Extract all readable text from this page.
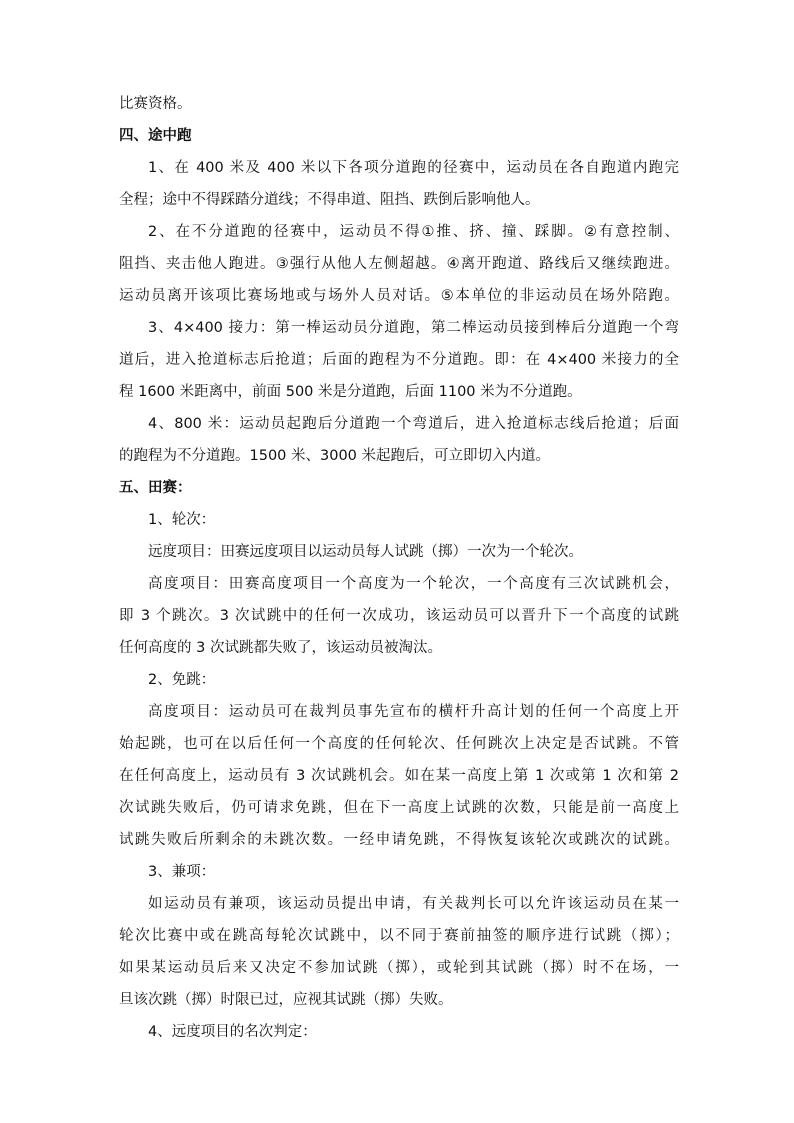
比赛资格。
四、途中跑
1、在 400 米及 400 米以下各项分道跑的径赛中，运动员在各自跑道内跑完
全程；途中不得踩踏分道线；不得串道、阻挡、跌倒后影响他人。
2、在不分道跑的径赛中，运动员不得①推、挤、撞、踩脚。②有意控制、
阻挡、夹击他人跑进。③强行从他人左侧超越。④离开跑道、路线后又继续跑进。
运动员离开该项比赛场地或与场外人员对话。⑤本单位的非运动员在场外陪跑。
3、4×400 接力：第一棒运动员分道跑，第二棒运动员接到棒后分道跑一个弯
道后，进入抢道标志后抢道；后面的跑程为不分道跑。即：在 4×400 米接力的全
程 1600 米距离中，前面 500 米是分道跑，后面 1100 米为不分道跑。
4、800 米：运动员起跑后分道跑一个弯道后，进入抢道标志线后抢道；后面
的跑程为不分道跑。1500 米、3000 米起跑后，可立即切入内道。
五、田赛：
1、轮次：
远度项目：田赛远度项目以运动员每人试跳（掷）一次为一个轮次。
高度项目：田赛高度项目一个高度为一个轮次，一个高度有三次试跳机会，
即 3 个跳次。3 次试跳中的任何一次成功，该运动员可以晋升下一个高度的试跳
任何高度的 3 次试跳都失败了，该运动员被淘汰。
2、免跳：
高度项目：运动员可在裁判员事先宣布的横杆升高计划的任何一个高度上开
始起跳，也可在以后任何一个高度的任何轮次、任何跳次上决定是否试跳。不管
在任何高度上，运动员有 3 次试跳机会。如在某一高度上第 1 次或第 1 次和第 2
次试跳失败后，仍可请求免跳，但在下一高度上试跳的次数，只能是前一高度上
试跳失败后所剩余的未跳次数。一经申请免跳，不得恢复该轮次或跳次的试跳。
3、兼项：
如运动员有兼项，该运动员提出申请，有关裁判长可以允许该运动员在某一
轮次比赛中或在跳高每轮次试跳中，以不同于赛前抽签的顺序进行试跳（掷）；
如果某运动员后来又决定不参加试跳（掷），或轮到其试跳（掷）时不在场，一
旦该次跳（掷）时限已过，应视其试跳（掷）失败。
4、远度项目的名次判定：
